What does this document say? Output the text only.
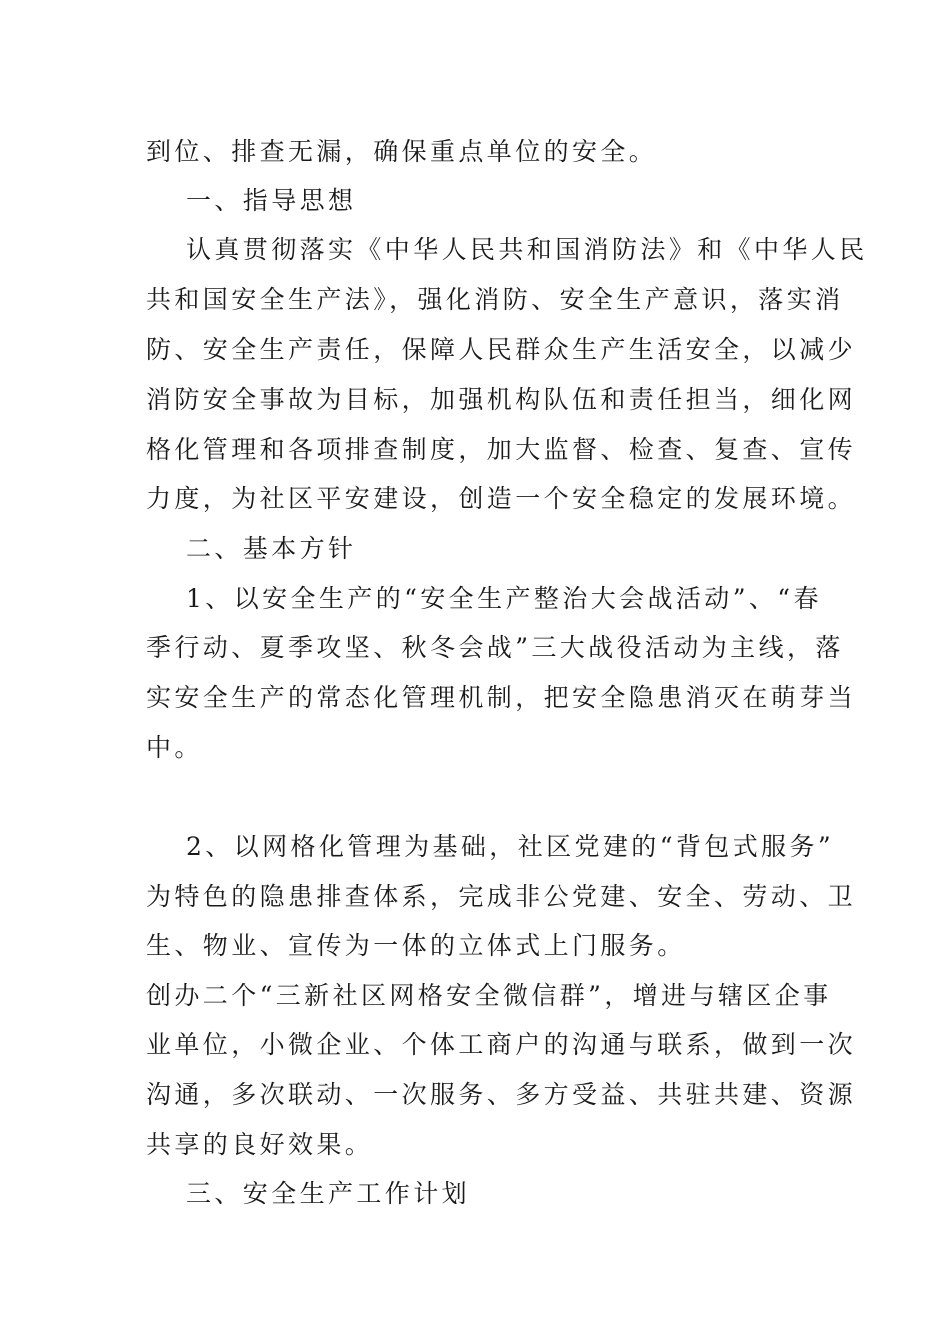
到位、排查无漏，确保重点单位的安全。
一、指导思想
认真贯彻落实《中华人民共和国消防法》和《中华人民
共和国安全生产法》，强化消防、安全生产意识，落实消
防、安全生产责任，保障人民群众生产生活安全，以减少
消防安全事故为目标，加强机构队伍和责任担当，细化网
格化管理和各项排查制度，加大监督、检查、复查、宣传
力度，为社区平安建设，创造一个安全稳定的发展环境。
二、基本方针
1、以安全生产的“安全生产整治大会战活动”、“春
季行动、夏季攻坚、秋冬会战”三大战役活动为主线，落
实安全生产的常态化管理机制，把安全隐患消灭在萌芽当
中。
2、以网格化管理为基础，社区党建的“背包式服务”
为特色的隐患排查体系，完成非公党建、安全、劳动、卫
生、物业、宣传为一体的立体式上门服务。
创办二个“三新社区网格安全微信群”，增进与辖区企事
业单位，小微企业、个体工商户的沟通与联系，做到一次
沟通，多次联动、一次服务、多方受益、共驻共建、资源
共享的良好效果。
三、安全生产工作计划
